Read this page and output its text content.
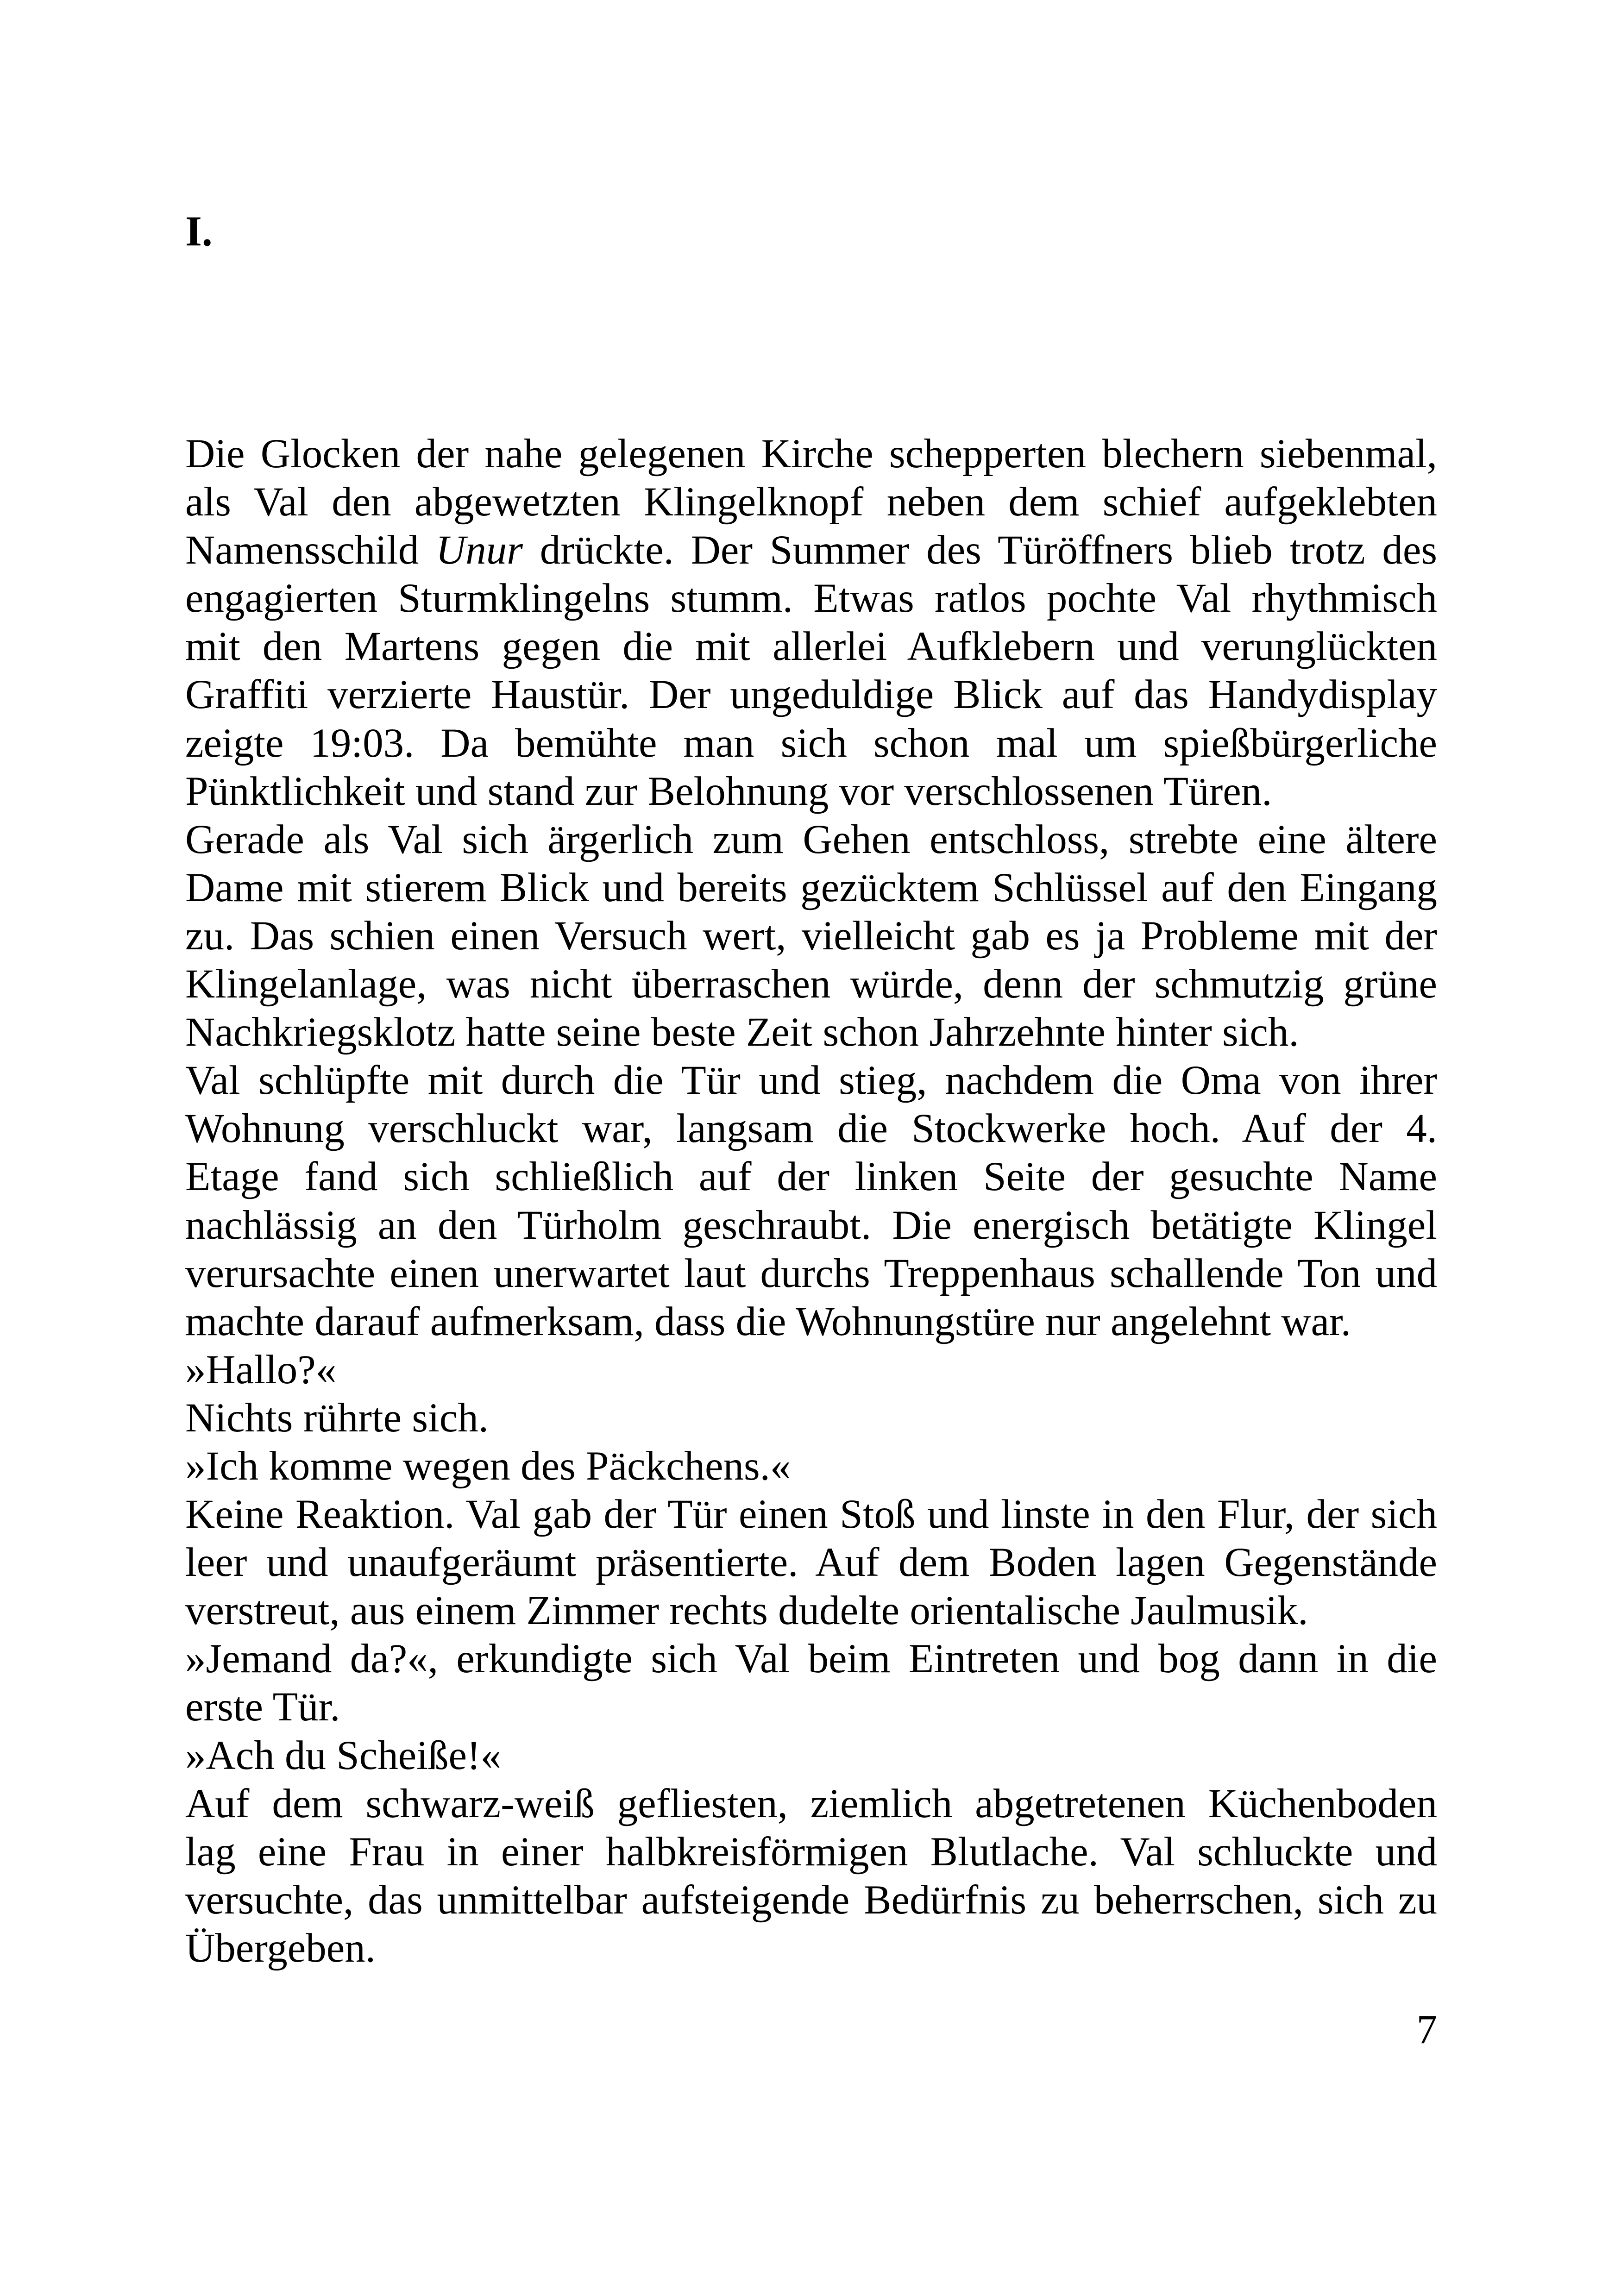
I.
Die Glocken der nahe gelegenen Kirche schepperten blechern siebenmal,
als Val den abgewetzten Klingelknopf neben dem schief aufgeklebten
Namensschild Unur drückte. Der Summer des Türöffners blieb trotz des
engagierten Sturmklingelns stumm. Etwas ratlos pochte Val rhythmisch
mit den Martens gegen die mit allerlei Aufklebern und verunglückten
Graffiti verzierte Haustür. Der ungeduldige Blick auf das Handydisplay
zeigte 19:03. Da bemühte man sich schon mal um spießbürgerliche
Pünktlichkeit und stand zur Belohnung vor verschlossenen Türen.
Gerade als Val sich ärgerlich zum Gehen entschloss, strebte eine ältere
Dame mit stierem Blick und bereits gezücktem Schlüssel auf den Eingang
zu. Das schien einen Versuch wert, vielleicht gab es ja Probleme mit der
Klingelanlage, was nicht überraschen würde, denn der schmutzig grüne
Nachkriegsklotz hatte seine beste Zeit schon Jahrzehnte hinter sich.
Val schlüpfte mit durch die Tür und stieg, nachdem die Oma von ihrer
Wohnung verschluckt war, langsam die Stockwerke hoch. Auf der 4.
Etage fand sich schließlich auf der linken Seite der gesuchte Name
nachlässig an den Türholm geschraubt. Die energisch betätigte Klingel
verursachte einen unerwartet laut durchs Treppenhaus schallende Ton und
machte darauf aufmerksam, dass die Wohnungstüre nur angelehnt war.
»Hallo?«
Nichts rührte sich.
»Ich komme wegen des Päckchens.«
Keine Reaktion. Val gab der Tür einen Stoß und linste in den Flur, der sich
leer und unaufgeräumt präsentierte. Auf dem Boden lagen Gegenstände
verstreut, aus einem Zimmer rechts dudelte orientalische Jaulmusik.
»Jemand da?«, erkundigte sich Val beim Eintreten und bog dann in die
erste Tür.
»Ach du Scheiße!«
Auf dem schwarz-weiß gefliesten, ziemlich abgetretenen Küchenboden
lag eine Frau in einer halbkreisförmigen Blutlache. Val schluckte und
versuchte, das unmittelbar aufsteigende Bedürfnis zu beherrschen, sich zu
Übergeben.
7
